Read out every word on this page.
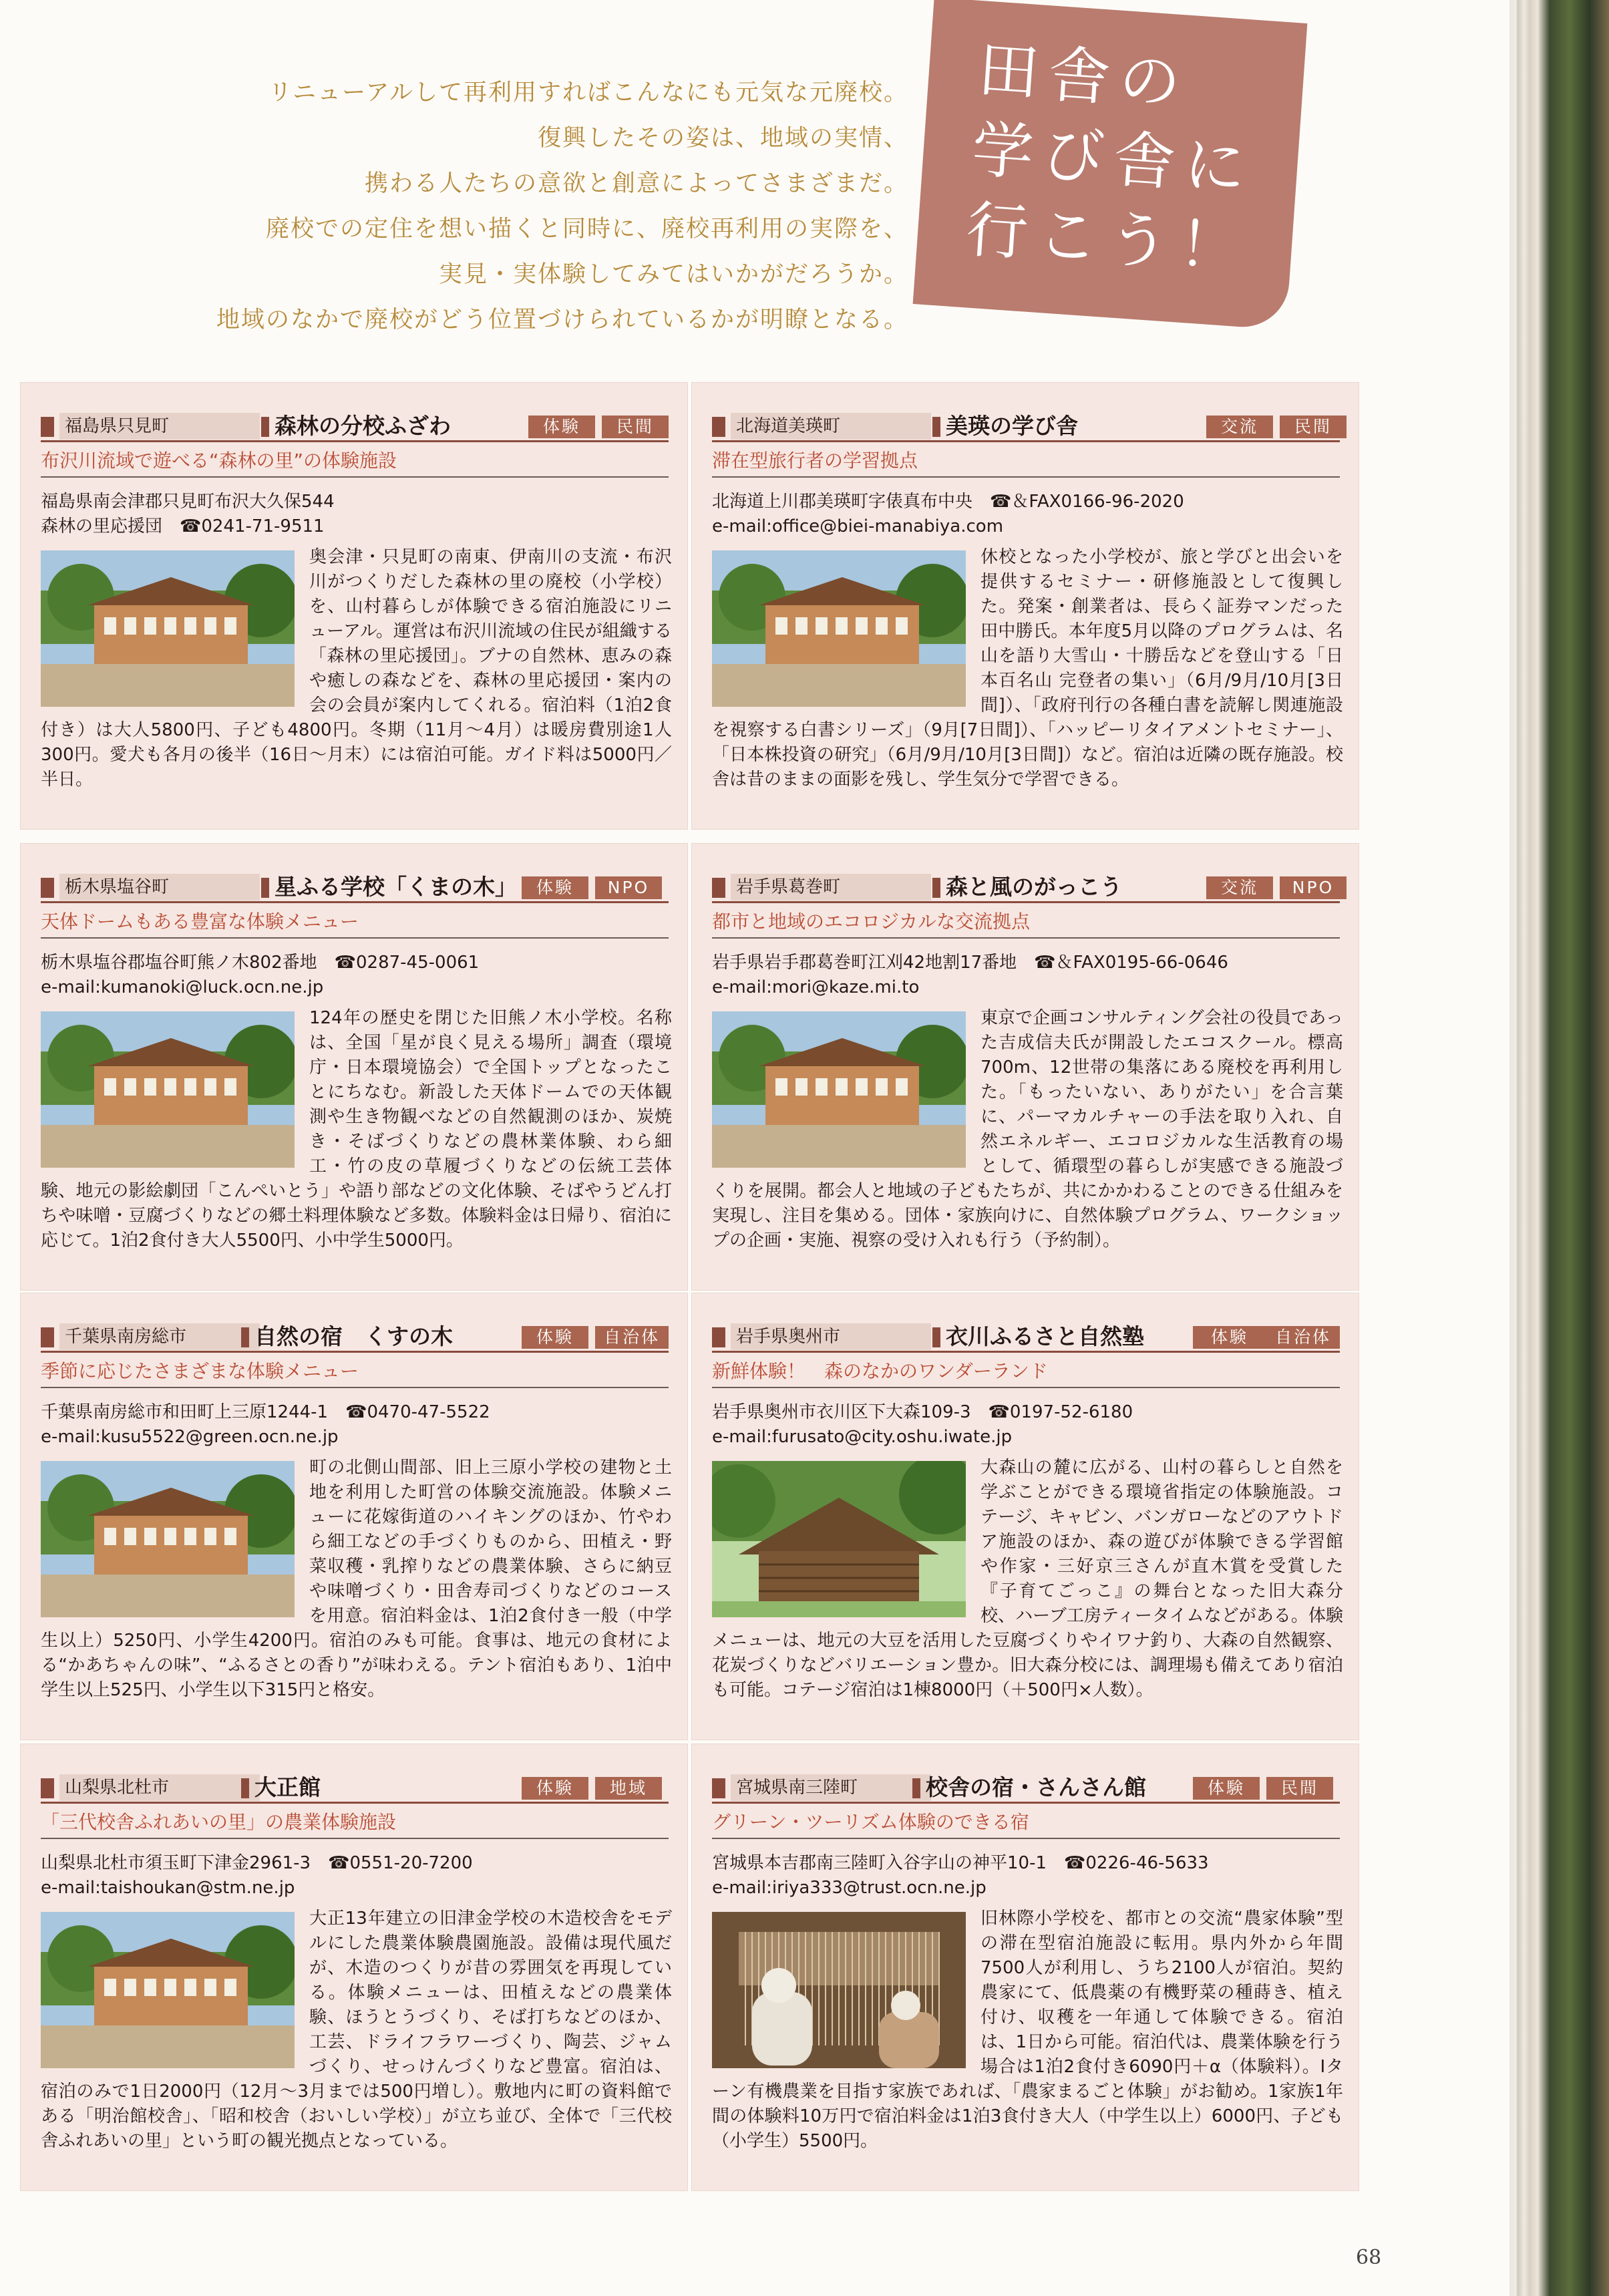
リニューアルして再利用すればこんなにも元気な元廃校。
復興したその姿は、地域の実情、
携わる人たちの意欲と創意によってさまざまだ。
廃校での定住を想い描くと同時に、廃校再利用の実際を、
実見・実体験してみてはいかがだろうか。
地域のなかで廃校がどう位置づけられているかが明瞭となる。
田舎の
学び舎に
行こう！
福島県只見町	森林の分校ふざわ	体験	民間
布沢川流域で遊べる“森林の里”の体験施設
福島県南会津郡只見町布沢大久保544
森林の里応援団　☎0241-71-9511
奥会津・只見町の南東、伊南川の支流・布沢川がつくりだした森林の里の廃校（小学校）を、山村暮らしが体験できる宿泊施設にリニューアル。運営は布沢川流域の住民が組織する「森林の里応援団」。ブナの自然林、恵みの森や癒しの森などを、森林の里応援団・案内の会の会員が案内してくれる。宿泊料（1泊2食付き）は大人5800円、子ども4800円。冬期（11月～4月）は暖房費別途1人300円。愛犬も各月の後半（16日～月末）には宿泊可能。ガイド料は5000円／半日。
北海道美瑛町	美瑛の学び舎	交流	民間
滞在型旅行者の学習拠点
北海道上川郡美瑛町字俵真布中央　☎＆FAX0166-96-2020
e-mail:office@biei-manabiya.com
休校となった小学校が、旅と学びと出会いを提供するセミナー・研修施設として復興した。発案・創業者は、長らく証券マンだった田中勝氏。本年度5月以降のプログラムは、名山を語り大雪山・十勝岳などを登山する「日本百名山 完登者の集い」（6月/9月/10月[3日間]）、「政府刊行の各種白書を読解し関連施設を視察する白書シリーズ」（9月[7日間]）、「ハッピーリタイアメントセミナー」、「日本株投資の研究」（6月/9月/10月[3日間]）など。宿泊は近隣の既存施設。校舎は昔のままの面影を残し、学生気分で学習できる。
栃木県塩谷町	星ふる学校「くまの木」	体験	NPO
天体ドームもある豊富な体験メニュー
栃木県塩谷郡塩谷町熊ノ木802番地　☎0287-45-0061
e-mail:kumanoki@luck.ocn.ne.jp
124年の歴史を閉じた旧熊ノ木小学校。名称は、全国「星が良く見える場所」調査（環境庁・日本環境協会）で全国トップとなったことにちなむ。新設した天体ドームでの天体観測や生き物観べなどの自然観測のほか、炭焼き・そばづくりなどの農林業体験、わら細工・竹の皮の草履づくりなどの伝統工芸体験、地元の影絵劇団「こんぺいとう」や語り部などの文化体験、そばやうどん打ちや味噌・豆腐づくりなどの郷土料理体験など多数。体験料金は日帰り、宿泊に応じて。1泊2食付き大人5500円、小中学生5000円。
岩手県葛巻町	森と風のがっこう	交流	NPO
都市と地域のエコロジカルな交流拠点
岩手県岩手郡葛巻町江刈42地割17番地　☎＆FAX0195-66-0646
e-mail:mori@kaze.mi.to
東京で企画コンサルティング会社の役員であった吉成信夫氏が開設したエコスクール。標高700m、12世帯の集落にある廃校を再利用した。「もったいない、ありがたい」を合言葉に、パーマカルチャーの手法を取り入れ、自然エネルギー、エコロジカルな生活教育の場として、循環型の暮らしが実感できる施設づくりを展開。都会人と地域の子どもたちが、共にかかわることのできる仕組みを実現し、注目を集める。団体・家族向けに、自然体験プログラム、ワークショップの企画・実施、視察の受け入れも行う（予約制）。
千葉県南房総市	自然の宿　くすの木	体験	自治体
季節に応じたさまざまな体験メニュー
千葉県南房総市和田町上三原1244-1　☎0470-47-5522
e-mail:kusu5522@green.ocn.ne.jp
町の北側山間部、旧上三原小学校の建物と土地を利用した町営の体験交流施設。体験メニューに花嫁街道のハイキングのほか、竹やわら細工などの手づくりものから、田植え・野菜収穫・乳搾りなどの農業体験、さらに納豆や味噌づくり・田舎寿司づくりなどのコースを用意。宿泊料金は、1泊2食付き一般（中学生以上）5250円、小学生4200円。宿泊のみも可能。食事は、地元の食材による“かあちゃんの味”、“ふるさとの香り”が味わえる。テント宿泊もあり、1泊中学生以上525円、小学生以下315円と格安。
岩手県奥州市	衣川ふるさと自然塾	体験	自治体
新鮮体験！　森のなかのワンダーランド
岩手県奥州市衣川区下大森109-3　☎0197-52-6180
e-mail:furusato@city.oshu.iwate.jp
大森山の麓に広がる、山村の暮らしと自然を学ぶことができる環境省指定の体験施設。コテージ、キャビン、バンガローなどのアウトドア施設のほか、森の遊びが体験できる学習館や作家・三好京三さんが直木賞を受賞した『子育てごっこ』の舞台となった旧大森分校、ハーブ工房ティータイムなどがある。体験メニューは、地元の大豆を活用した豆腐づくりやイワナ釣り、大森の自然観察、花炭づくりなどバリエーション豊か。旧大森分校には、調理場も備えてあり宿泊も可能。コテージ宿泊は1棟8000円（＋500円×人数）。
山梨県北杜市	大正館	体験	地域
「三代校舎ふれあいの里」の農業体験施設
山梨県北杜市須玉町下津金2961-3　☎0551-20-7200
e-mail:taishoukan@stm.ne.jp
大正13年建立の旧津金学校の木造校舎をモデルにした農業体験農園施設。設備は現代風だが、木造のつくりが昔の雰囲気を再現している。体験メニューは、田植えなどの農業体験、ほうとうづくり、そば打ちなどのほか、工芸、ドライフラワーづくり、陶芸、ジャムづくり、せっけんづくりなど豊富。宿泊は、宿泊のみで1日2000円（12月～3月までは500円増し）。敷地内に町の資料館である「明治館校舎」、「昭和校舎（おいしい学校）」が立ち並び、全体で「三代校舎ふれあいの里」という町の観光拠点となっている。
宮城県南三陸町	校舎の宿・さんさん館	体験	民間
グリーン・ツーリズム体験のできる宿
宮城県本吉郡南三陸町入谷字山の神平10-1　☎0226-46-5633
e-mail:iriya333@trust.ocn.ne.jp
旧林際小学校を、都市との交流“農家体験”型の滞在型宿泊施設に転用。県内外から年間7500人が利用し、うち2100人が宿泊。契約農家にて、低農薬の有機野菜の種蒔き、植え付け、収穫を一年通して体験できる。宿泊は、1日から可能。宿泊代は、農業体験を行う場合は1泊2食付き6090円＋α（体験料）。Iターン有機農業を目指す家族であれば、「農家まるごと体験」がお勧め。1家族1年間の体験料10万円で宿泊料金は1泊3食付き大人（中学生以上）6000円、子ども（小学生）5500円。
68
